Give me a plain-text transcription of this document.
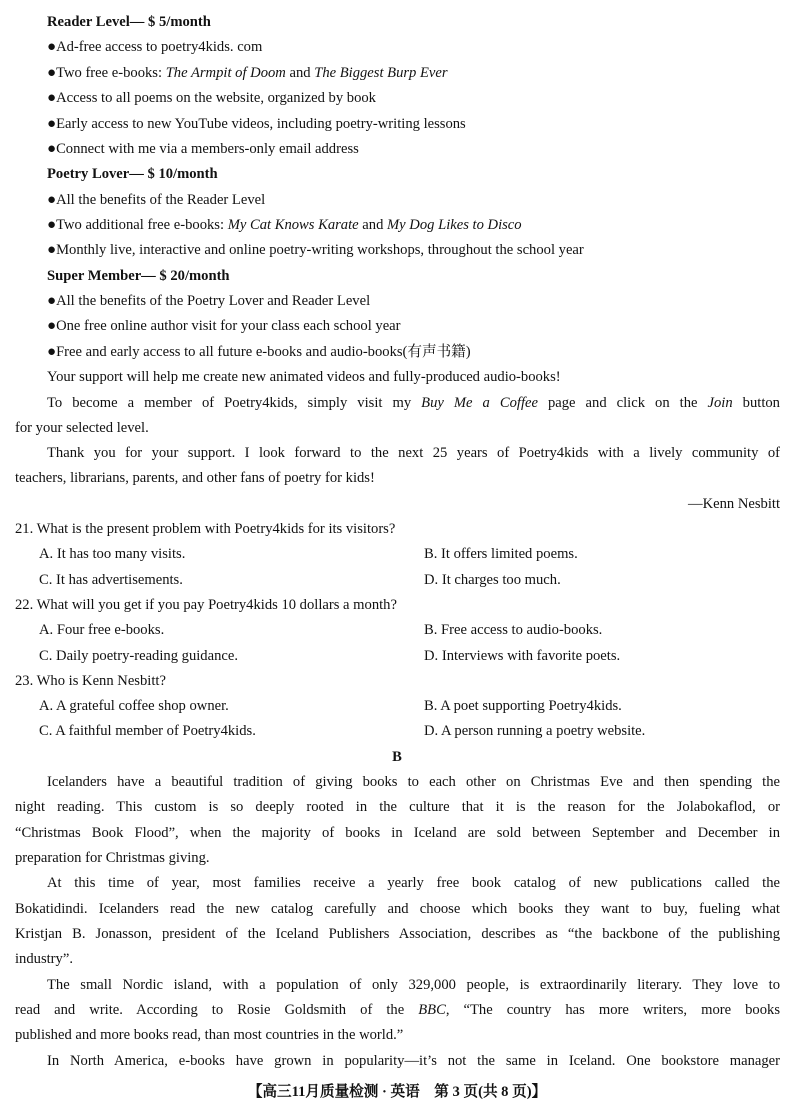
Reader Level— $ 5/month
● Ad-free access to poetry4kids. com
● Two free e-books: The Armpit of Doom and The Biggest Burp Ever
● Access to all poems on the website, organized by book
● Early access to new YouTube videos, including poetry-writing lessons
● Connect with me via a members-only email address
Poetry Lover— $ 10/month
● All the benefits of the Reader Level
● Two additional free e-books: My Cat Knows Karate and My Dog Likes to Disco
● Monthly live, interactive and online poetry-writing workshops, throughout the school year
Super Member— $ 20/month
● All the benefits of the Poetry Lover and Reader Level
● One free online author visit for your class each school year
● Free and early access to all future e-books and audio-books(有声书籍)
Your support will help me create new animated videos and fully-produced audio-books!
To become a member of Poetry4kids, simply visit my Buy Me a Coffee page and click on the Join button
for your selected level.
Thank you for your support. I look forward to the next 25 years of Poetry4kids with a lively community of
teachers, librarians, parents, and other fans of poetry for kids!
—Kenn Nesbitt
21. What is the present problem with Poetry4kids for its visitors?
A. It has too many visits.	B. It offers limited poems.
C. It has advertisements.	D. It charges too much.
22. What will you get if you pay Poetry4kids 10 dollars a month?
A. Four free e-books.	B. Free access to audio-books.
C. Daily poetry-reading guidance.	D. Interviews with favorite poets.
23. Who is Kenn Nesbitt?
A. A grateful coffee shop owner.	B. A poet supporting Poetry4kids.
C. A faithful member of Poetry4kids.	D. A person running a poetry website.
B
Icelanders have a beautiful tradition of giving books to each other on Christmas Eve and then spending the
night reading. This custom is so deeply rooted in the culture that it is the reason for the Jolabokaflod, or
“Christmas Book Flood”, when the majority of books in Iceland are sold between September and December in
preparation for Christmas giving.
At this time of year, most families receive a yearly free book catalog of new publications called the
Bokatidindi. Icelanders read the new catalog carefully and choose which books they want to buy, fueling what
Kristjan B. Jonasson, president of the Iceland Publishers Association, describes as “the backbone of the publishing
industry”.
The small Nordic island, with a population of only 329,000 people, is extraordinarily literary. They love to
read and write. According to Rosie Goldsmith of the BBC, “The country has more writers, more books
published and more books read, than most countries in the world.”
In North America, e-books have grown in popularity—it’s not the same in Iceland. One bookstore manager
【高三11月质量检测 · 英语　第 3 页(共 8 页)】
